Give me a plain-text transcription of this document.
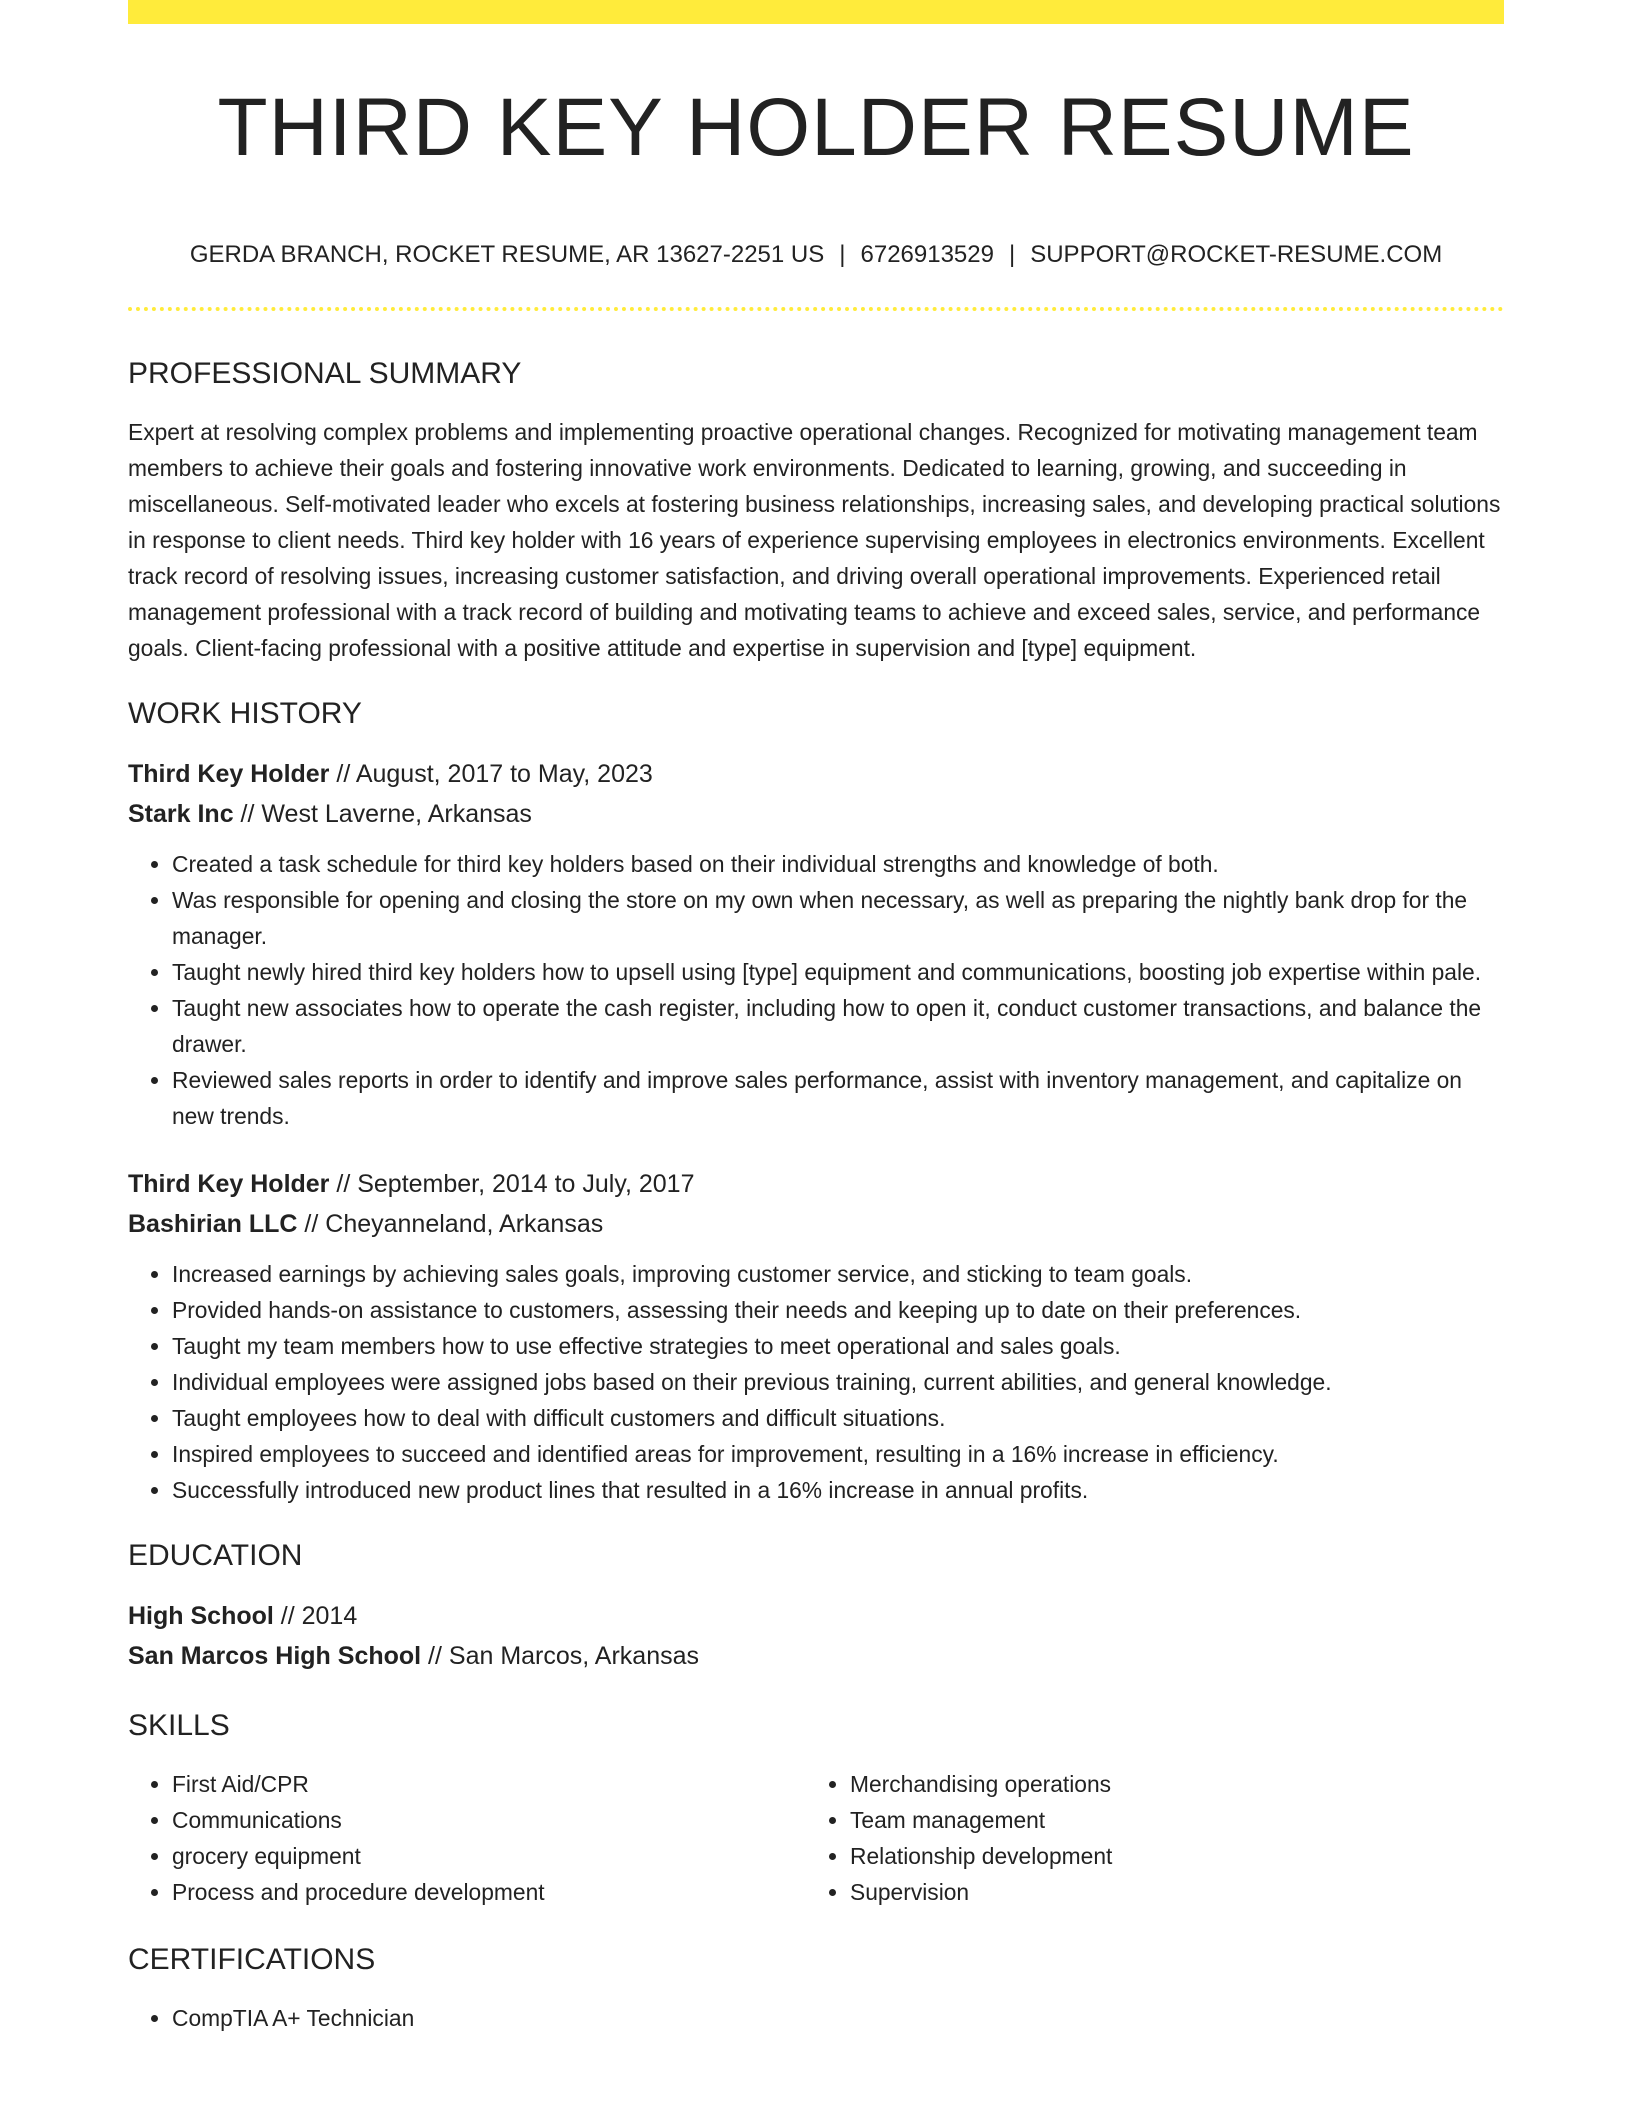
THIRD KEY HOLDER RESUME
GERDA BRANCH, ROCKET RESUME, AR 13627-2251 US | 6726913529 | SUPPORT@ROCKET-RESUME.COM
PROFESSIONAL SUMMARY

Expert at resolving complex problems and implementing proactive operational changes. Recognized for motivating management team members to achieve their goals and fostering innovative work environments. Dedicated to learning, growing, and succeeding in miscellaneous. Self-motivated leader who excels at fostering business relationships, increasing sales, and developing practical solutions in response to client needs. Third key holder with 16 years of experience supervising employees in electronics environments. Excellent track record of resolving issues, increasing customer satisfaction, and driving overall operational improvements. Experienced retail management professional with a track record of building and motivating teams to achieve and exceed sales, service, and performance goals. Client-facing professional with a positive attitude and expertise in supervision and [type] equipment.

WORK HISTORY
Third Key Holder // August, 2017 to May, 2023
Stark Inc // West Laverne, Arkansas
• Created a task schedule for third key holders based on their individual strengths and knowledge of both.
• Was responsible for opening and closing the store on my own when necessary, as well as preparing the nightly bank drop for the manager.
• Taught newly hired third key holders how to upsell using [type] equipment and communications, boosting job expertise within pale.
• Taught new associates how to operate the cash register, including how to open it, conduct customer transactions, and balance the drawer.
• Reviewed sales reports in order to identify and improve sales performance, assist with inventory management, and capitalize on new trends.
Third Key Holder // September, 2014 to July, 2017
Bashirian LLC // Cheyanneland, Arkansas
• Increased earnings by achieving sales goals, improving customer service, and sticking to team goals.
• Provided hands-on assistance to customers, assessing their needs and keeping up to date on their preferences.
• Taught my team members how to use effective strategies to meet operational and sales goals.
• Individual employees were assigned jobs based on their previous training, current abilities, and general knowledge.
• Taught employees how to deal with difficult customers and difficult situations.
• Inspired employees to succeed and identified areas for improvement, resulting in a 16% increase in efficiency.
• Successfully introduced new product lines that resulted in a 16% increase in annual profits.
EDUCATION
High School // 2014
San Marcos High School // San Marcos, Arkansas
SKILLS
• First Aid/CPR
• Communications
• grocery equipment
• Process and procedure development
• Merchandising operations
• Team management
• Relationship development
• Supervision
CERTIFICATIONS
• CompTIA A+ Technician
